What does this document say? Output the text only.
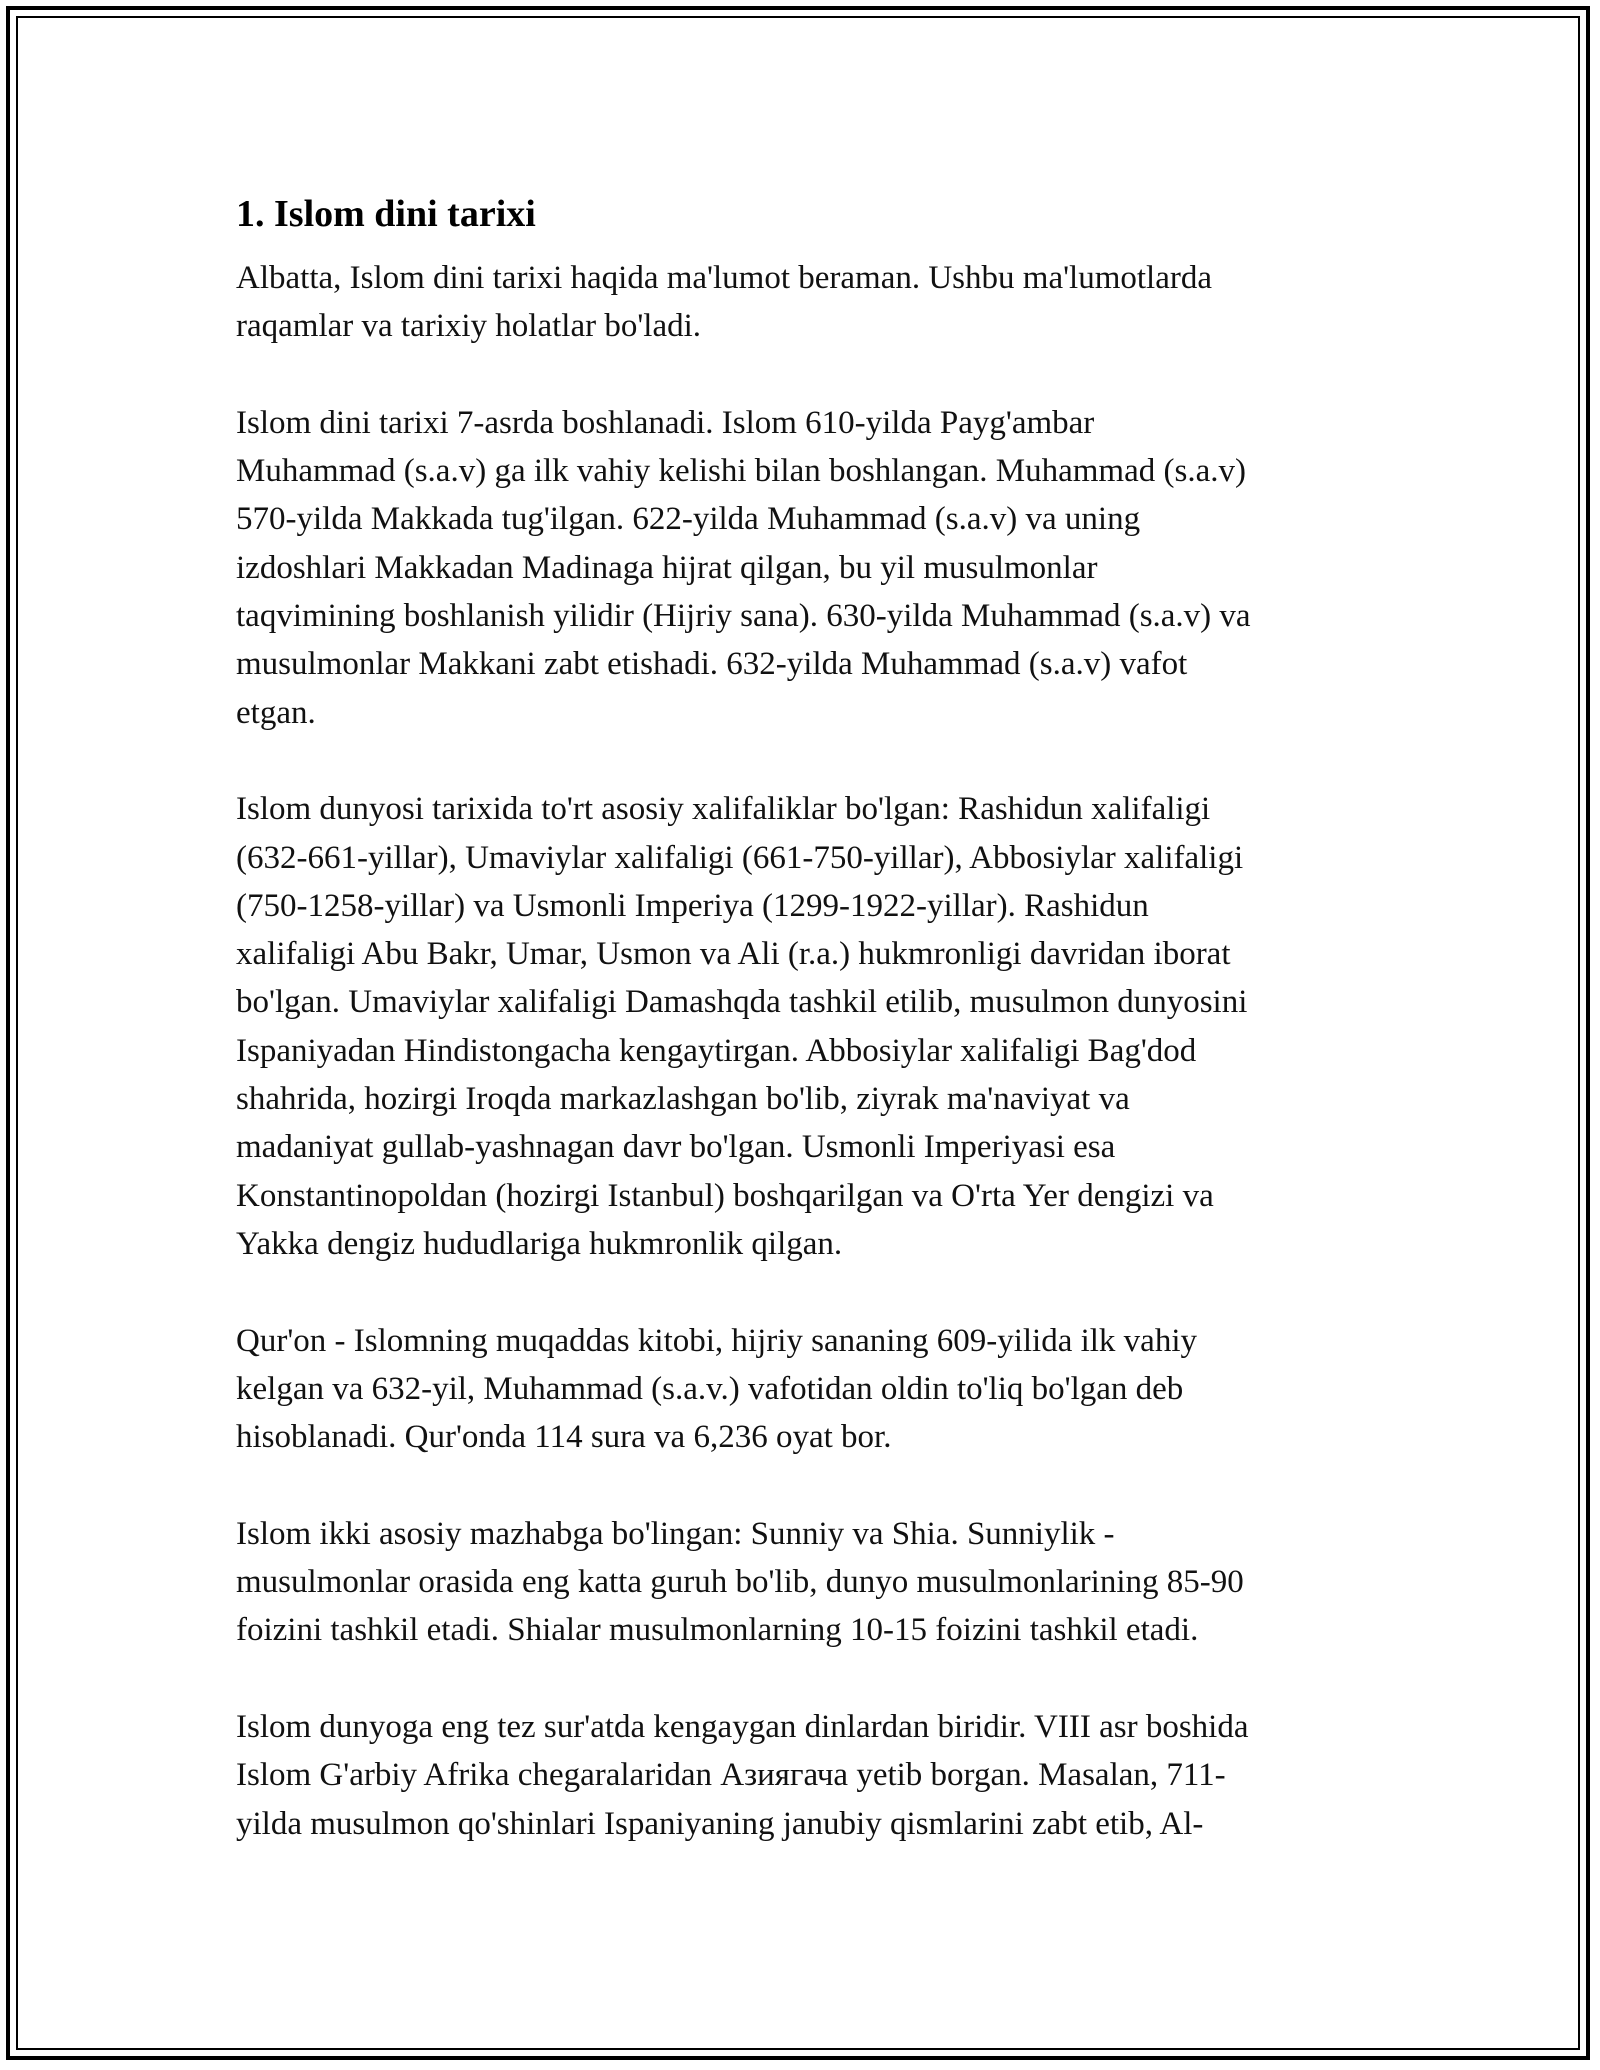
1. Islom dini tarixi

Albatta, Islom dini tarixi haqida ma'lumot beraman. Ushbu ma'lumotlarda
raqamlar va tarixiy holatlar bo'ladi.

Islom dini tarixi 7-asrda boshlanadi. Islom 610-yilda Payg'ambar
Muhammad (s.a.v) ga ilk vahiy kelishi bilan boshlangan. Muhammad (s.a.v)
570-yilda Makkada tug'ilgan. 622-yilda Muhammad (s.a.v) va uning
izdoshlari Makkadan Madinaga hijrat qilgan, bu yil musulmonlar
taqvimining boshlanish yilidir (Hijriy sana). 630-yilda Muhammad (s.a.v) va
musulmonlar Makkani zabt etishadi. 632-yilda Muhammad (s.a.v) vafot
etgan.

Islom dunyosi tarixida to'rt asosiy xalifaliklar bo'lgan: Rashidun xalifaligi
(632-661-yillar), Umaviylar xalifaligi (661-750-yillar), Abbosiylar xalifaligi
(750-1258-yillar) va Usmonli Imperiya (1299-1922-yillar). Rashidun
xalifaligi Abu Bakr, Umar, Usmon va Ali (r.a.) hukmronligi davridan iborat
bo'lgan. Umaviylar xalifaligi Damashqda tashkil etilib, musulmon dunyosini
Ispaniyadan Hindistongacha kengaytirgan. Abbosiylar xalifaligi Bag'dod
shahrida, hozirgi Iroqda markazlashgan bo'lib, ziyrak ma'naviyat va
madaniyat gullab-yashnagan davr bo'lgan. Usmonli Imperiyasi esa
Konstantinopoldan (hozirgi Istanbul) boshqarilgan va O'rta Yer dengizi va
Yakka dengiz hududlariga hukmronlik qilgan.

Qur'on - Islomning muqaddas kitobi, hijriy sananing 609-yilida ilk vahiy
kelgan va 632-yil, Muhammad (s.a.v.) vafotidan oldin to'liq bo'lgan deb
hisoblanadi. Qur'onda 114 sura va 6,236 oyat bor.

Islom ikki asosiy mazhabga bo'lingan: Sunniy va Shia. Sunniylik -
musulmonlar orasida eng katta guruh bo'lib, dunyo musulmonlarining 85-90
foizini tashkil etadi. Shialar musulmonlarning 10-15 foizini tashkil etadi.

Islom dunyoga eng tez sur'atda kengaygan dinlardan biridir. VIII asr boshida
Islom G'arbiy Afrika chegaralaridan Азиягача yetib borgan. Masalan, 711-
yilda musulmon qo'shinlari Ispaniyaning janubiy qismlarini zabt etib, Al-
